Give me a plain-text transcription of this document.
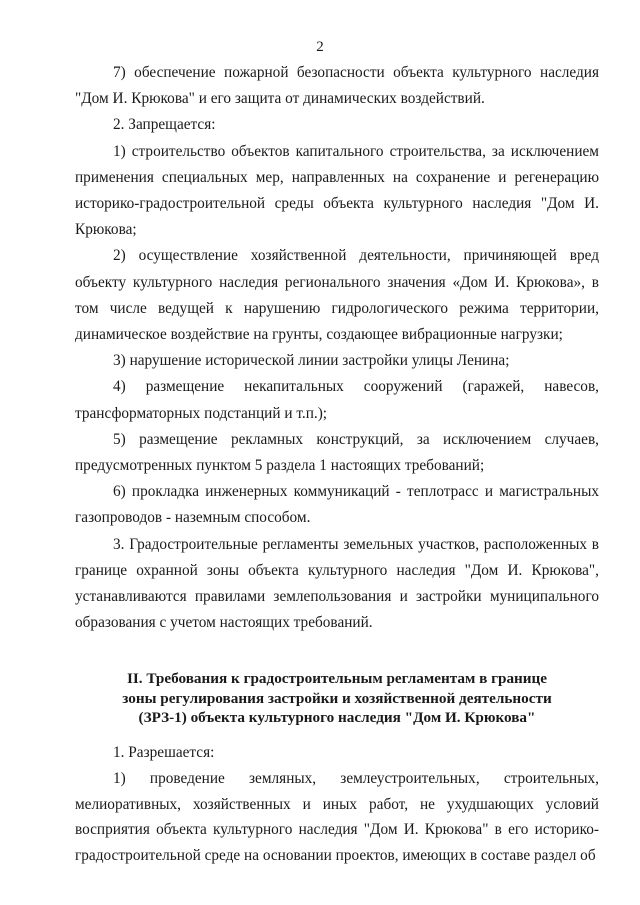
2

7) обеспечение пожарной безопасности объекта культурного наследия "Дом И. Крюкова" и его защита от динамических воздействий.

2. Запрещается:

1) строительство объектов капитального строительства, за исключением применения специальных мер, направленных на сохранение и регенерацию историко-градостроительной среды объекта культурного наследия "Дом И. Крюкова;

2) осуществление хозяйственной деятельности, причиняющей вред объекту культурного наследия регионального значения «Дом И. Крюкова», в том числе ведущей к нарушению гидрологического режима территории, динамическое воздействие на грунты, создающее вибрационные нагрузки;

3) нарушение исторической линии застройки улицы Ленина;

4) размещение некапитальных сооружений (гаражей, навесов, трансформаторных подстанций и т.п.);

5) размещение рекламных конструкций, за исключением случаев, предусмотренных пунктом 5 раздела 1 настоящих требований;

6) прокладка инженерных коммуникаций - теплотрасс и магистральных газопроводов - наземным способом.

3. Градостроительные регламенты земельных участков, расположенных в границе охранной зоны объекта культурного наследия "Дом И. Крюкова", устанавливаются правилами землепользования и застройки муниципального образования с учетом настоящих требований.

II. Требования к градостроительным регламентам в границе
зоны регулирования застройки и хозяйственной деятельности
(ЗРЗ-1) объекта культурного наследия "Дом И. Крюкова"

1. Разрешается:

1) проведение земляных, землеустроительных, строительных, мелиоративных, хозяйственных и иных работ, не ухудшающих условий восприятия объекта культурного наследия "Дом И. Крюкова" в его историко-градостроительной среде на основании проектов, имеющих в составе раздел об
